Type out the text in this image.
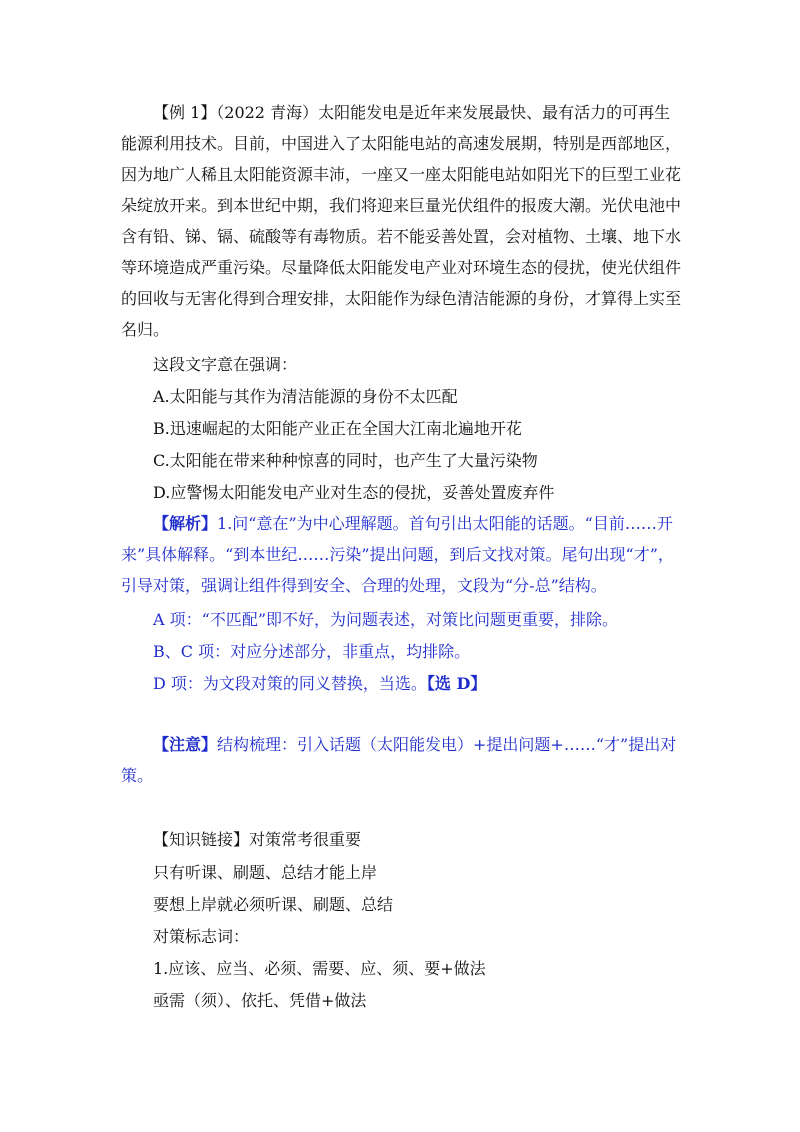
【例 1】（2022 青海）太阳能发电是近年来发展最快、最有活力的可再生能源利用技术。目前，中国进入了太阳能电站的高速发展期，特别是西部地区，因为地广人稀且太阳能资源丰沛，一座又一座太阳能电站如阳光下的巨型工业花朵绽放开来。到本世纪中期，我们将迎来巨量光伏组件的报废大潮。光伏电池中含有铅、锑、镉、硫酸等有毒物质。若不能妥善处置，会对植物、土壤、地下水等环境造成严重污染。尽量降低太阳能发电产业对环境生态的侵扰，使光伏组件的回收与无害化得到合理安排，太阳能作为绿色清洁能源的身份，才算得上实至名归。

这段文字意在强调：

A.太阳能与其作为清洁能源的身份不太匹配

B.迅速崛起的太阳能产业正在全国大江南北遍地开花

C.太阳能在带来种种惊喜的同时，也产生了大量污染物

D.应警惕太阳能发电产业对生态的侵扰，妥善处置废弃件

【解析】1.问“意在”为中心理解题。首句引出太阳能的话题。“目前……开来”具体解释。“到本世纪……污染”提出问题，到后文找对策。尾句出现“才”，引导对策，强调让组件得到安全、合理的处理，文段为“分-总”结构。

A 项：“不匹配”即不好，为问题表述，对策比问题更重要，排除。

B、C 项：对应分述部分，非重点，均排除。

D 项：为文段对策的同义替换，当选。【选 D】

【注意】结构梳理：引入话题（太阳能发电）+提出问题+……“才”提出对策。

【知识链接】对策常考很重要

只有听课、刷题、总结才能上岸

要想上岸就必须听课、刷题、总结

对策标志词：

1.应该、应当、必须、需要、应、须、要+做法

亟需（须）、依托、凭借+做法
